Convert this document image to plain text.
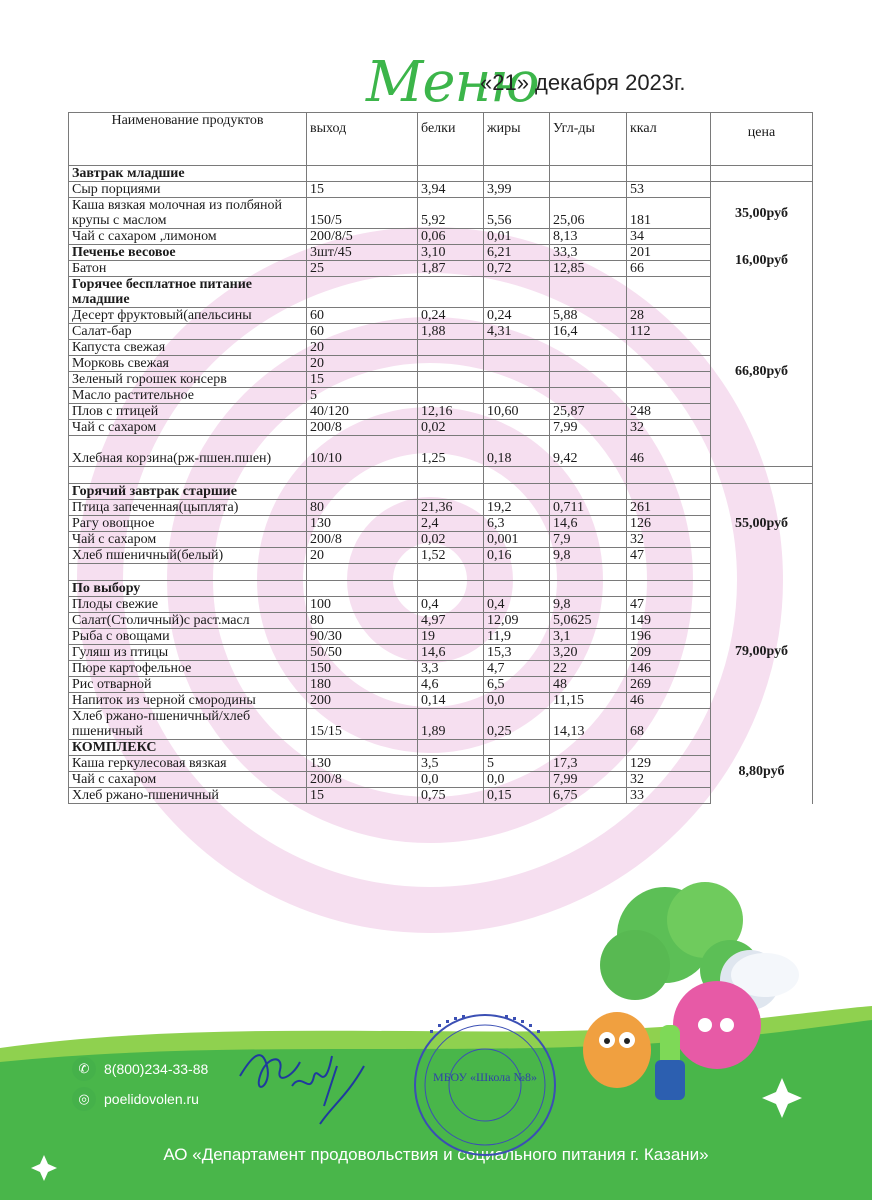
Меню
«21» декабря 2023г.
Наименование продуктов	выход	белки	жиры	Угл-ды	ккал	цена
Завтрак младшие						
Сыр порциями	15	3,94	3,99		53	35,00руб
Каша вязкая молочная из полбяной крупы с маслом	150/5	5,92	5,56	25,06	181	
Чай с сахаром ,лимоном	200/8/5	0,06	0,01	8,13	34	
Печенье весовое	3шт/45	3,10	6,21	33,3	201	16,00руб
Батон	25	1,87	0,72	12,85	66	
Горячее бесплатное питание младшие						66,80руб
Десерт фруктовый(апельсины	60	0,24	0,24	5,88	28	
Салат-бар	60	1,88	4,31	16,4	112	
Капуста свежая	20					
Морковь свежая	20					
Зеленый горошек консерв	15					
Масло растительное	5					
Плов с птицей	40/120	12,16	10,60	25,87	248	
Чай с сахаром	200/8	0,02		7,99	32	
Хлебная корзина(рж-пшен.пшен)	10/10	1,25	0,18	9,42	46	

Горячий завтрак старшие						55,00руб
Птица запеченная(цыплята)	80	21,36	19,2	0,711	261	
Рагу овощное	130	2,4	6,3	14,6	126	
Чай с сахаром	200/8	0,02	0,001	7,9	32	
Хлеб пшеничный(белый)	20	1,52	0,16	9,8	47	
						79,00руб
По выбору						
Плоды свежие	100	0,4	0,4	9,8	47	
Салат(Столичный)с раст.масл	80	4,97	12,09	5,0625	149	
Рыба с овощами	90/30	19	11,9	3,1	196	
Гуляш из птицы	50/50	14,6	15,3	3,20	209	
Пюре картофельное	150	3,3	4,7	22	146	
Рис отварной	180	4,6	6,5	48	269	
Напиток из черной смородины	200	0,14	0,0	11,15	46	
Хлеб ржано-пшеничный/хлеб пшеничный	15/15	1,89	0,25	14,13	68	
КОМПЛЕКС						8,80руб
Каша геркулесовая вязкая	130	3,5	5	17,3	129	
Чай с сахаром	200/8	0,0	0,0	7,99	32	
Хлеб ржано-пшеничный	15	0,75	0,15	6,75	33	
✆	8(800)234-33-88
◎	poelidovolen.ru
АО «Департамент продовольствия и социального питания г. Казани»
МБОУ «Школа №8»
